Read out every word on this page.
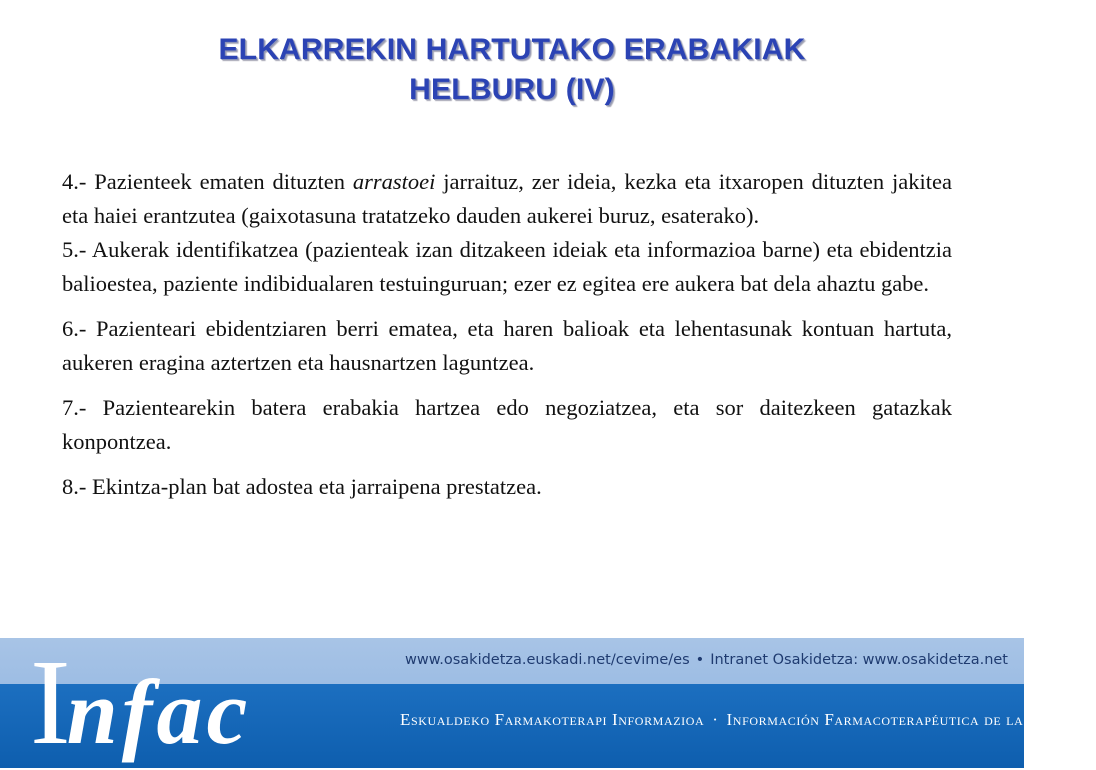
ELKARREKIN HARTUTAKO ERABAKIAK
HELBURU (IV)

4.- Pazienteek ematen dituzten arrastoei jarraituz, zer ideia, kezka eta itxaropen dituzten jakitea eta haiei erantzutea (gaixotasuna tratatzeko dauden aukerei buruz, esaterako).

5.- Aukerak identifikatzea (pazienteak izan ditzakeen ideiak eta informazioa barne) eta ebidentzia balioestea, paziente indibidualaren testuinguruan; ezer ez egitea ere aukera bat dela ahaztu gabe.

6.- Pazienteari ebidentziaren berri ematea, eta haren balioak eta lehentasunak kontuan hartuta, aukeren eragina aztertzen eta hausnartzen laguntzea.

7.- Pazientearekin batera erabakia hartzea edo negoziatzea, eta sor daitezkeen gatazkak konpontzea.

8.- Ekintza-plan bat adostea eta jarraipena prestatzea.

Infac
www.osakidetza.euskadi.net/cevime/es • Intranet Osakidetza: www.osakidetza.net
Eskualdeko Farmakoterapi Informazioa · Información Farmacoterapéutica de la Comarca
